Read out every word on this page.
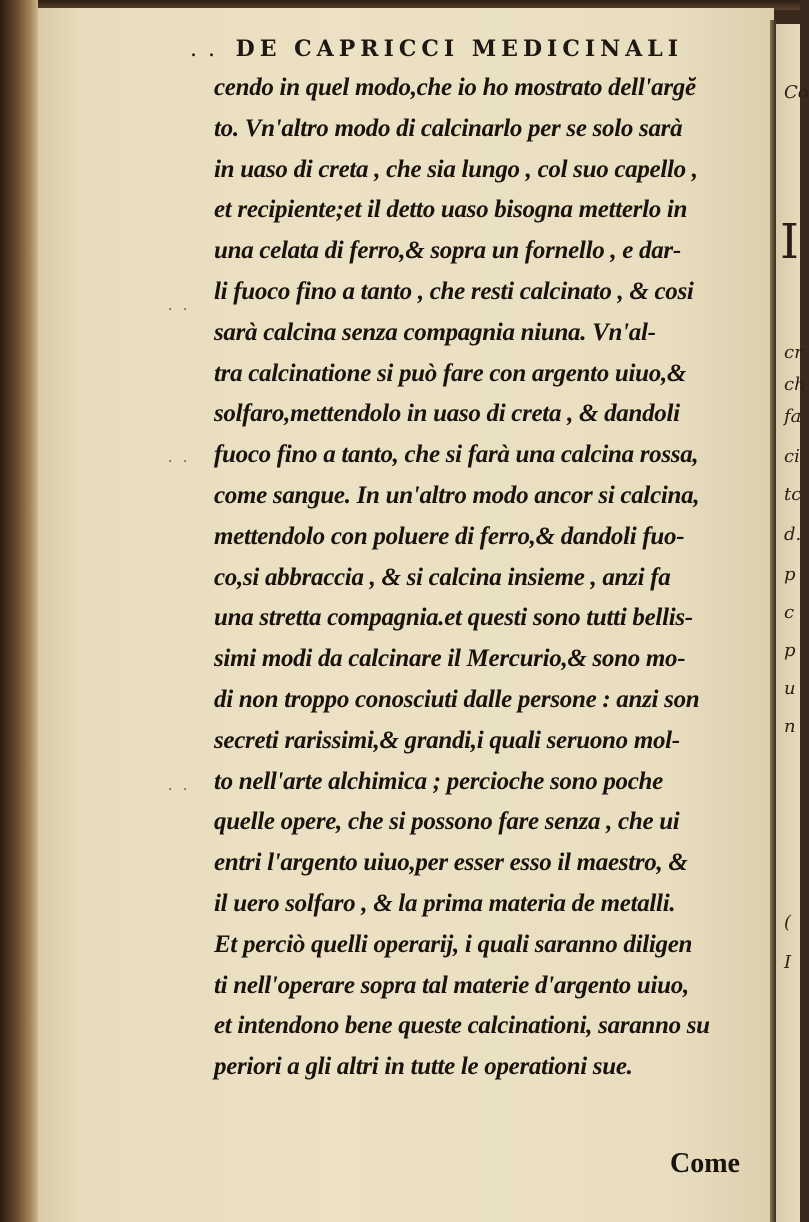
. . DE CAPRICCI MEDICINALI
. .
. .
. .
cendo in quel modo,che io ho mostrato dell'argĕ
to. Vn'altro modo di calcinarlo per se solo sarà
in uaso di creta , che sia lungo , col suo capello ,
et recipiente;et il detto uaso bisogna metterlo in
una celata di ferro,& sopra un fornello , e dar-
li fuoco fino a tanto , che resti calcinato , & cosi
sarà calcina senza compagnia niuna. Vn'al-
tra calcinatione si può fare con argento uiuo,&
solfaro,mettendolo in uaso di creta , & dandoli
fuoco fino a tanto, che si farà una calcina rossa,
come sangue. In un'altro modo ancor si calcina,
mettendolo con poluere di ferro,& dandoli fuo-
co,si abbraccia , & si calcina insieme , anzi fa
una stretta compagnia.et questi sono tutti bellis-
simi modi da calcinare il Mercurio,& sono mo-
di non troppo conosciuti dalle persone : anzi son
secreti rarissimi,& grandi,i quali seruono mol-
to nell'arte alchimica ; percioche sono poche
quelle opere, che si possono fare senza , che ui
entri l'argento uiuo,per esser esso il maestro, &
il uero solfaro , & la prima materia de metalli.
Et perciò quelli operarij, i quali saranno diligen
ti nell'operare sopra tal materie d'argento uiuo,
et intendono bene queste calcinationi, saranno su
periori a gli altri in tutte le operationi sue.
Come
Co
I
cr
ch
fa
ci
tc
d.
p
c
p
u
n
(
I
